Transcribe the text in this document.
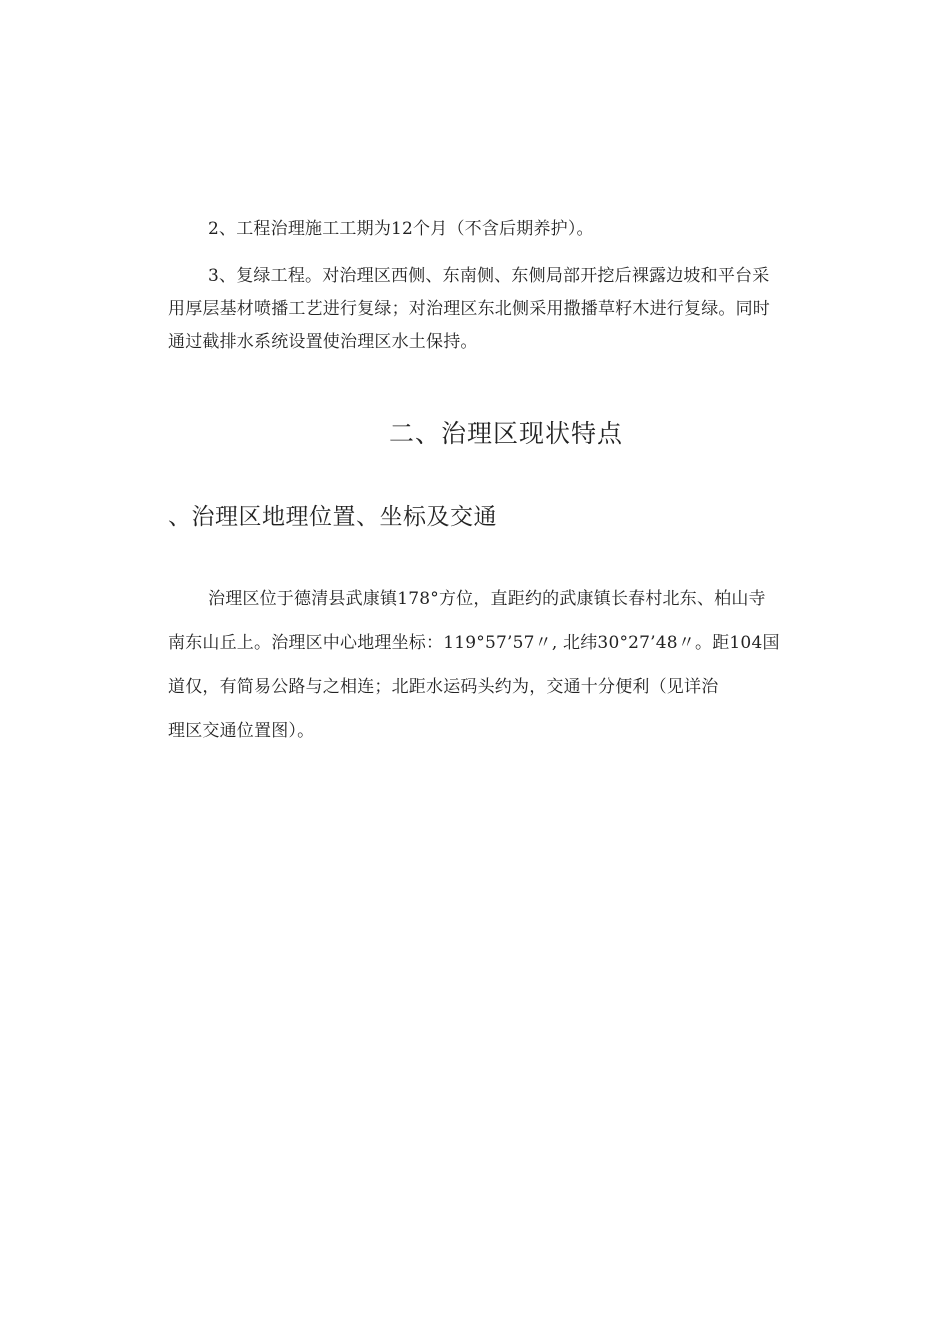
2、工程治理施工工期为12个月（不含后期养护）。

3、复绿工程。对治理区西侧、东南侧、东侧局部开挖后裸露边坡和平台采
用厚层基材喷播工艺进行复绿；对治理区东北侧采用撒播草籽木进行复绿。同时
通过截排水系统设置使治理区水土保持。

二、治理区现状特点
、治理区地理位置、坐标及交通

治理区位于德清县武康镇178°方位，直距约的武康镇长春村北东、柏山寺
南东山丘上。治理区中心地理坐标：119°57’57〃, 北纬30°27’48〃。距104国
道仅，有简易公路与之相连；北距水运码头约为，交通十分便利（见详治
理区交通位置图）。
